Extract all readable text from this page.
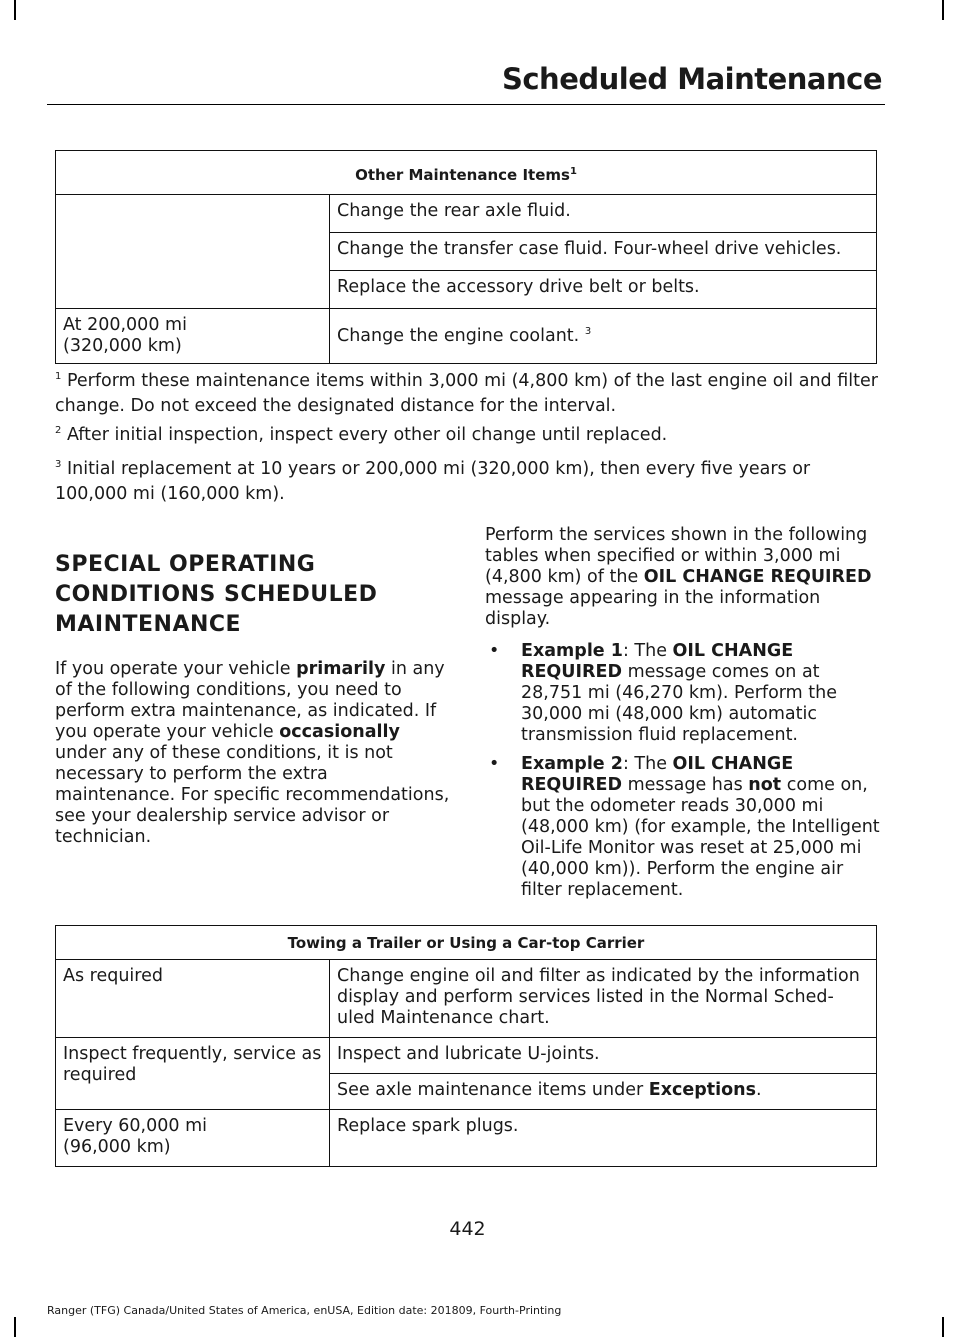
Scheduled Maintenance
Other Maintenance Items$^1$
	Change the rear axle fluid.
	Change the transfer case fluid. Four-wheel drive vehicles.
	Replace the accessory drive belt or belts.

At 200,000 mi
(320,000 km)	Change the engine coolant. $^3$
$^1$ Perform these maintenance items within 3,000 mi (4,800 km) of the last engine oil and filter change. Do not exceed the designated distance for the interval.
$^2$ After initial inspection, inspect every other oil change until replaced.
$^3$ Initial replacement at 10 years or 200,000 mi (320,000 km), then every five years or 100,000 mi (160,000 km).
SPECIAL OPERATING
CONDITIONS SCHEDULED
MAINTENANCE
If you operate your vehicle primarily in any of the following conditions, you need to perform extra maintenance, as indicated. If you operate your vehicle occasionally under any of these conditions, it is not necessary to perform the extra maintenance. For specific recommendations, see your dealership service advisor or technician.
Perform the services shown in the following tables when specified or within 3,000 mi (4,800 km) of the OIL CHANGE REQUIRED message appearing in the information display.
• Example 1: The OIL CHANGE REQUIRED message comes on at 28,751 mi (46,270 km). Perform the 30,000 mi (48,000 km) automatic transmission fluid replacement.
• Example 2: The OIL CHANGE REQUIRED message has not come on, but the odometer reads 30,000 mi (48,000 km) (for example, the Intelligent Oil-Life Monitor was reset at 25,000 mi (40,000 km)). Perform the engine air filter replacement.
Towing a Trailer or Using a Car-top Carrier	
As required	Change engine oil and filter as indicated by the information display and perform services listed in the Normal Sched-uled Maintenance chart.
Inspect frequently, service as required	Inspect and lubricate U-joints.
	See axle maintenance items under Exceptions.

Every 60,000 mi
(96,000 km)	Replace spark plugs.
442
Ranger (TFG) Canada/United States of America, enUSA, Edition date: 201809, Fourth-Printing
